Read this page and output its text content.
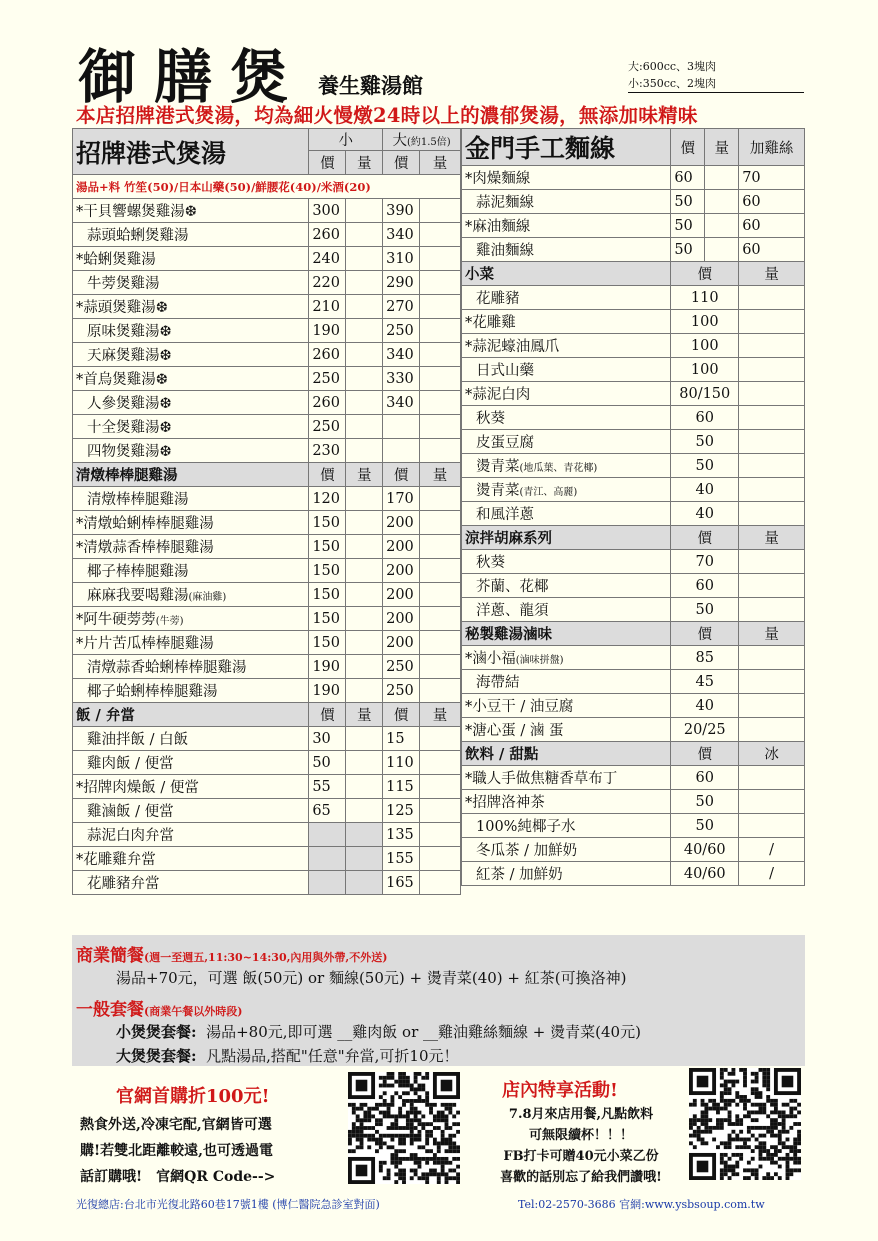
御膳煲 養生雞湯館
大:600cc、3塊肉
小:350cc、2塊肉
本店招牌港式煲湯，均為細火慢燉24時以上的濃郁煲湯，無添加味精味
招牌港式煲湯	小		大(約1.5倍)	
	價	量	價	量
湯品+料 竹笙(50)/日本山藥(50)/鮮腰花(40)/米酒(20)				
*干貝響螺煲雞湯❆	300		390	
蒜頭蛤蜊煲雞湯	260		340	
*蛤蜊煲雞湯	240		310	
牛蒡煲雞湯	220		290	
*蒜頭煲雞湯❆	210		270	
原味煲雞湯❆	190		250	
天麻煲雞湯❆	260		340	
*首烏煲雞湯❆	250		330	
人參煲雞湯❆	260		340	
十全煲雞湯❆	250			
四物煲雞湯❆	230			
清燉棒棒腿雞湯	價	量	價	量
清燉棒棒腿雞湯	120		170	
*清燉蛤蜊棒棒腿雞湯	150		200	
*清燉蒜香棒棒腿雞湯	150		200	
椰子棒棒腿雞湯	150		200	
麻麻我要喝雞湯(麻油雞)	150		200	
*阿牛硬蒡蒡(牛蒡)	150		200	
*片片苦瓜棒棒腿雞湯	150		200	
清燉蒜香蛤蜊棒棒腿雞湯	190		250	
椰子蛤蜊棒棒腿雞湯	190		250	
飯 / 弁當	價	量	價	量
雞油拌飯 / 白飯	30		15	
雞肉飯 / 便當	50		110	
*招牌肉燥飯 / 便當	55		115	
雞滷飯 / 便當	65		125	
蒜泥白肉弁當			135	
*花雕雞弁當			155	
花雕豬弁當			165	
金門手工麵線	價	量	加雞絲

*肉燥麵線	60		70
蒜泥麵線	50		60
*麻油麵線	50		60
雞油麵線	50		60
小菜	價		量
花雕豬	110		
*花雕雞	100		
*蒜泥蠔油鳳爪	100		
日式山藥	100		
*蒜泥白肉	80/150		
秋葵	60		
皮蛋豆腐	50		
燙青菜(地瓜葉、青花椰)	50		
燙青菜(青江、高麗)	40		
和風洋蔥	40		
涼拌胡麻系列	價		量
秋葵	70		
芥蘭、花椰	60		
洋蔥、龍須	50		
秘製雞湯滷味	價		量
*滷小福(滷味拼盤)	85		
海帶結	45		
*小豆干 / 油豆腐	40		
*溏心蛋 / 滷 蛋	20/25		
飲料 / 甜點	價		冰
*職人手做焦糖香草布丁	60		
*招牌洛神茶	50		
100%純椰子水	50		
冬瓜茶 / 加鮮奶	40/60		/
紅茶 / 加鮮奶	40/60		/
商業簡餐(週一至週五,11:30~14:30,內用與外帶,不外送)
湯品+70元，可選 飯(50元) or 麵線(50元) + 燙青菜(40) + 紅茶(可換洛神)
一般套餐(商業午餐以外時段)
小煲煲套餐: 湯品+80元,即可選 __雞肉飯 or __雞油雞絲麵線 + 燙青菜(40元)
大煲煲套餐: 凡點湯品,搭配"任意"弁當,可折10元！
官網首購折100元!
熱食外送,冷凍宅配,官網皆可選
購!若雙北距離較遠,也可透過電
話訂購哦!　官網QR Code-->
店內特享活動!
7.8月來店用餐,凡點飲料
可無限續杯！！！
FB打卡可贈40元小菜乙份
喜歡的話別忘了給我們讚哦!
光復總店:台北市光復北路60巷17號1樓 (博仁醫院急診室對面)	Tel:02-2570-3686 官網:www.ysbsoup.com.tw
